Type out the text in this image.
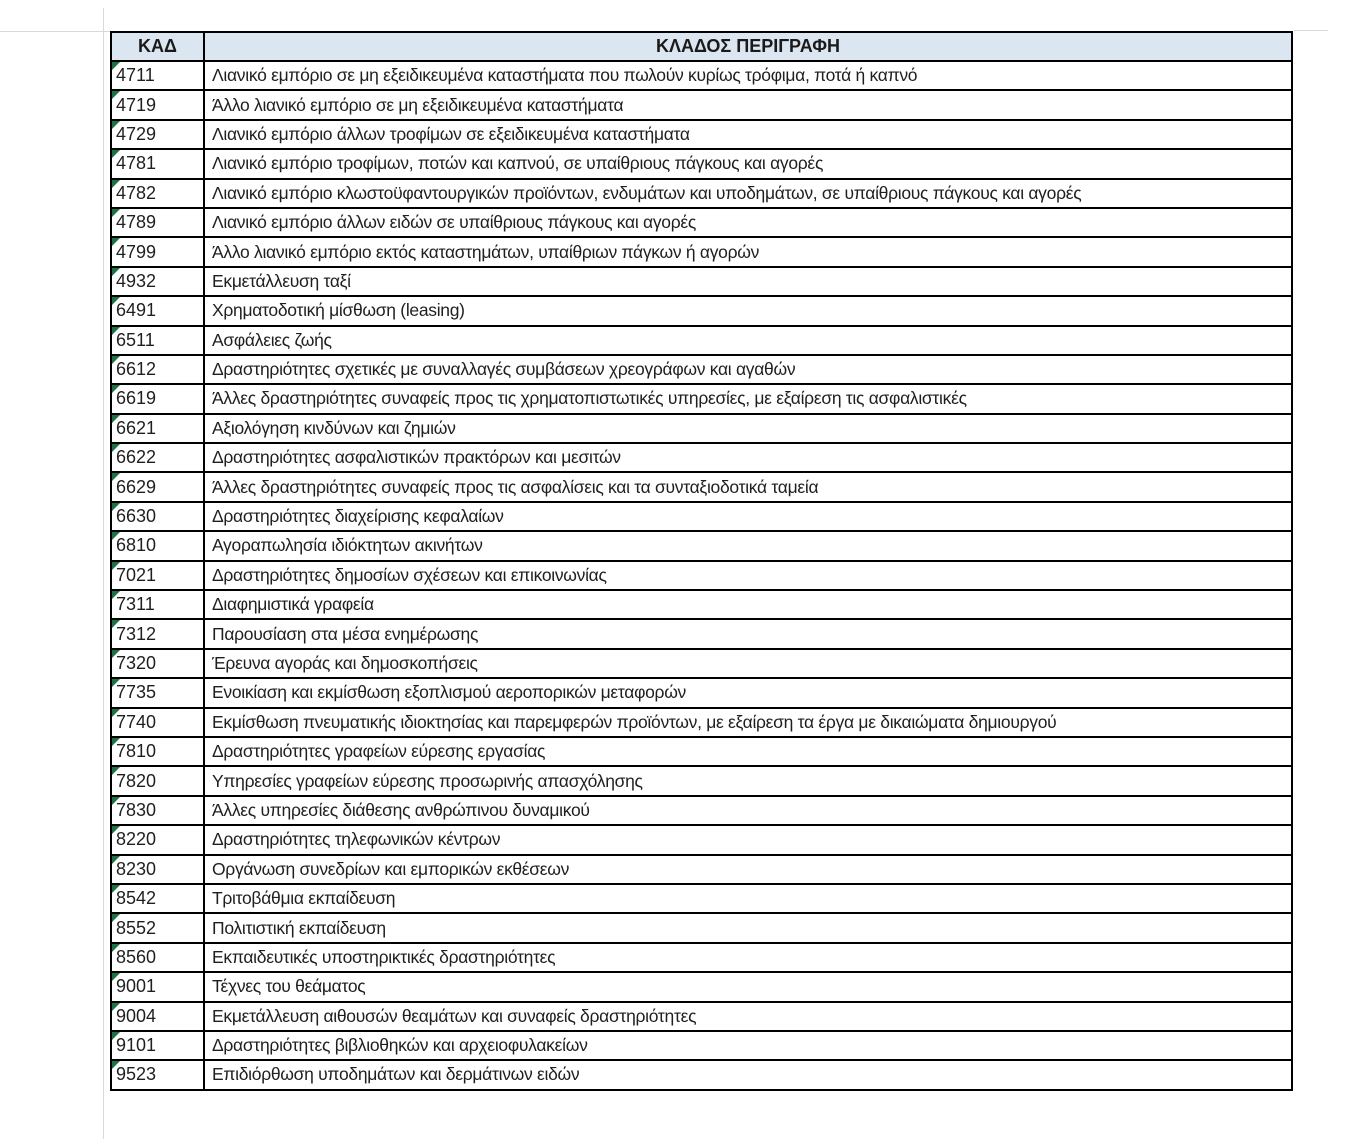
ΚΑΔ	ΚΛΑΔΟΣ ΠΕΡΙΓΡΑΦΗ

4711	Λιανικό εμπόριο σε μη εξειδικευμένα καταστήματα που πωλούν κυρίως τρόφιμα, ποτά ή καπνό

4719	Άλλο λιανικό εμπόριο σε μη εξειδικευμένα καταστήματα

4729	Λιανικό εμπόριο άλλων τροφίμων σε εξειδικευμένα καταστήματα

4781	Λιανικό εμπόριο τροφίμων, ποτών και καπνού, σε υπαίθριους πάγκους και αγορές

4782	Λιανικό εμπόριο κλωστοϋφαντουργικών προϊόντων, ενδυμάτων και υποδημάτων, σε υπαίθριους πάγκους και αγορές

4789	Λιανικό εμπόριο άλλων ειδών σε υπαίθριους πάγκους και αγορές

4799	Άλλο λιανικό εμπόριο εκτός καταστημάτων, υπαίθριων πάγκων ή αγορών

4932	Εκμετάλλευση ταξί

6491	Χρηματοδοτική μίσθωση (leasing)

6511	Ασφάλειες ζωής

6612	Δραστηριότητες σχετικές με συναλλαγές συμβάσεων χρεογράφων και αγαθών

6619	Άλλες δραστηριότητες συναφείς προς τις χρηματοπιστωτικές υπηρεσίες, με εξαίρεση τις ασφαλιστικές

6621	Αξιολόγηση κινδύνων και ζημιών

6622	Δραστηριότητες ασφαλιστικών πρακτόρων και μεσιτών

6629	Άλλες δραστηριότητες συναφείς προς τις ασφαλίσεις και τα συνταξιοδοτικά ταμεία

6630	Δραστηριότητες διαχείρισης κεφαλαίων

6810	Αγοραπωλησία ιδιόκτητων ακινήτων

7021	Δραστηριότητες δημοσίων σχέσεων και επικοινωνίας

7311	Διαφημιστικά γραφεία

7312	Παρουσίαση στα μέσα ενημέρωσης

7320	Έρευνα αγοράς και δημοσκοπήσεις

7735	Ενοικίαση και εκμίσθωση εξοπλισμού αεροπορικών μεταφορών

7740	Εκμίσθωση πνευματικής ιδιοκτησίας και παρεμφερών προϊόντων, με εξαίρεση τα έργα με δικαιώματα δημιουργού

7810	Δραστηριότητες γραφείων εύρεσης εργασίας

7820	Υπηρεσίες γραφείων εύρεσης προσωρινής απασχόλησης

7830	Άλλες υπηρεσίες διάθεσης ανθρώπινου δυναμικού

8220	Δραστηριότητες τηλεφωνικών κέντρων

8230	Οργάνωση συνεδρίων και εμπορικών εκθέσεων

8542	Τριτοβάθμια εκπαίδευση

8552	Πολιτιστική εκπαίδευση

8560	Εκπαιδευτικές υποστηρικτικές δραστηριότητες

9001	Τέχνες του θεάματος

9004	Εκμετάλλευση αιθουσών θεαμάτων και συναφείς δραστηριότητες

9101	Δραστηριότητες βιβλιοθηκών και αρχειοφυλακείων

9523	Επιδιόρθωση υποδημάτων και δερμάτινων ειδών
